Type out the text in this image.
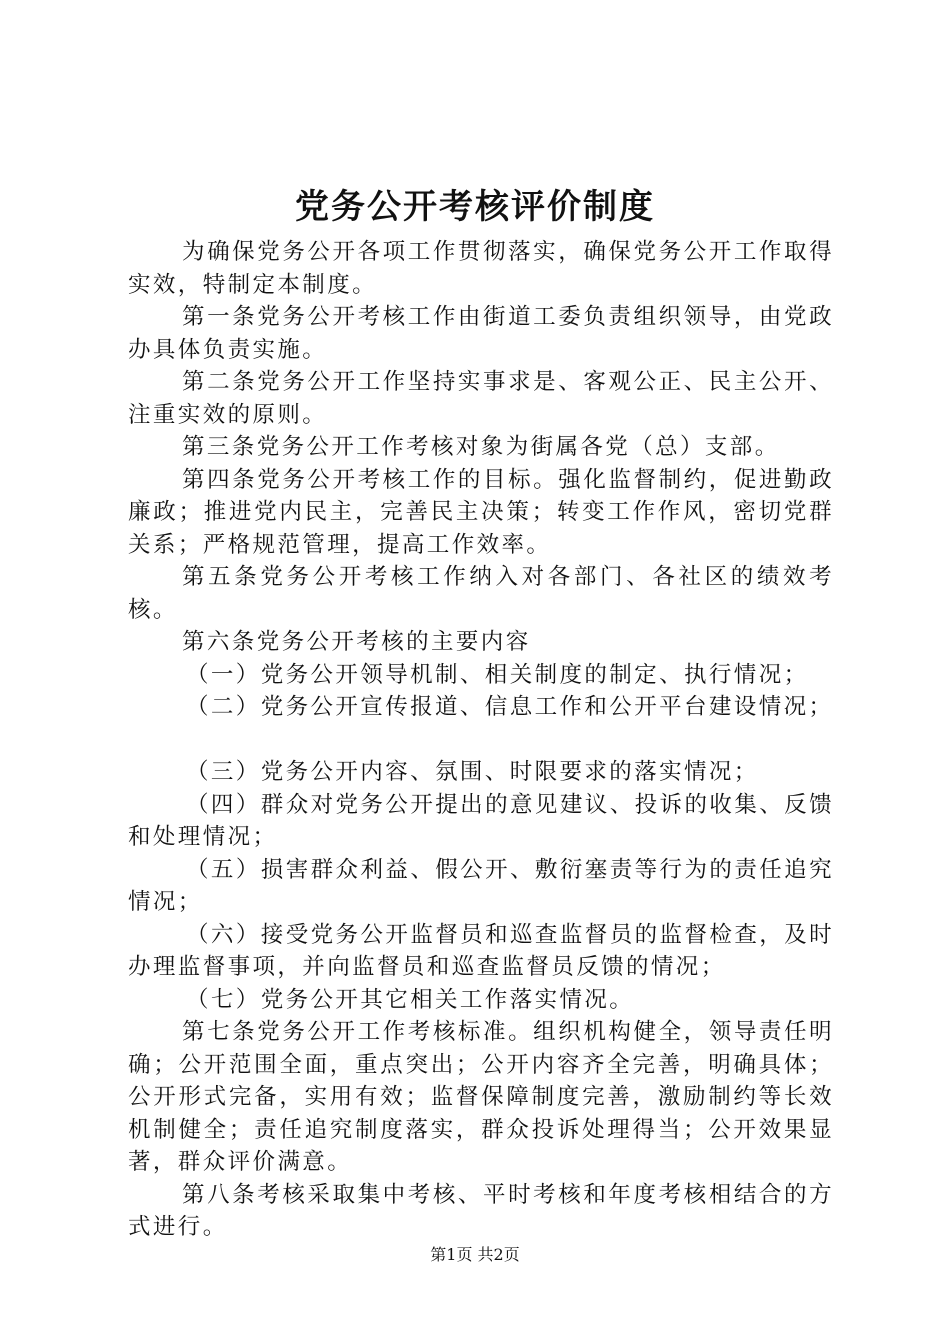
党务公开考核评价制度

为确保党务公开各项工作贯彻落实，确保党务公开工作取得实效，特制定本制度。

第一条党务公开考核工作由街道工委负责组织领导，由党政办具体负责实施。

第二条党务公开工作坚持实事求是、客观公正、民主公开、注重实效的原则。

第三条党务公开工作考核对象为街属各党（总）支部。

第四条党务公开考核工作的目标。强化监督制约，促进勤政廉政；推进党内民主，完善民主决策；转变工作作风，密切党群关系；严格规范管理，提高工作效率。

第五条党务公开考核工作纳入对各部门、各社区的绩效考核。

第六条党务公开考核的主要内容

（一）党务公开领导机制、相关制度的制定、执行情况；

（二）党务公开宣传报道、信息工作和公开平台建设情况；

（三）党务公开内容、氛围、时限要求的落实情况；

（四）群众对党务公开提出的意见建议、投诉的收集、反馈和处理情况；

（五）损害群众利益、假公开、敷衍塞责等行为的责任追究情况；

（六）接受党务公开监督员和巡查监督员的监督检查，及时办理监督事项，并向监督员和巡查监督员反馈的情况；

（七）党务公开其它相关工作落实情况。

第七条党务公开工作考核标准。组织机构健全，领导责任明确；公开范围全面，重点突出；公开内容齐全完善，明确具体；公开形式完备，实用有效；监督保障制度完善，激励制约等长效机制健全；责任追究制度落实，群众投诉处理得当；公开效果显著，群众评价满意。

第八条考核采取集中考核、平时考核和年度考核相结合的方式进行。

第1页 共2页
